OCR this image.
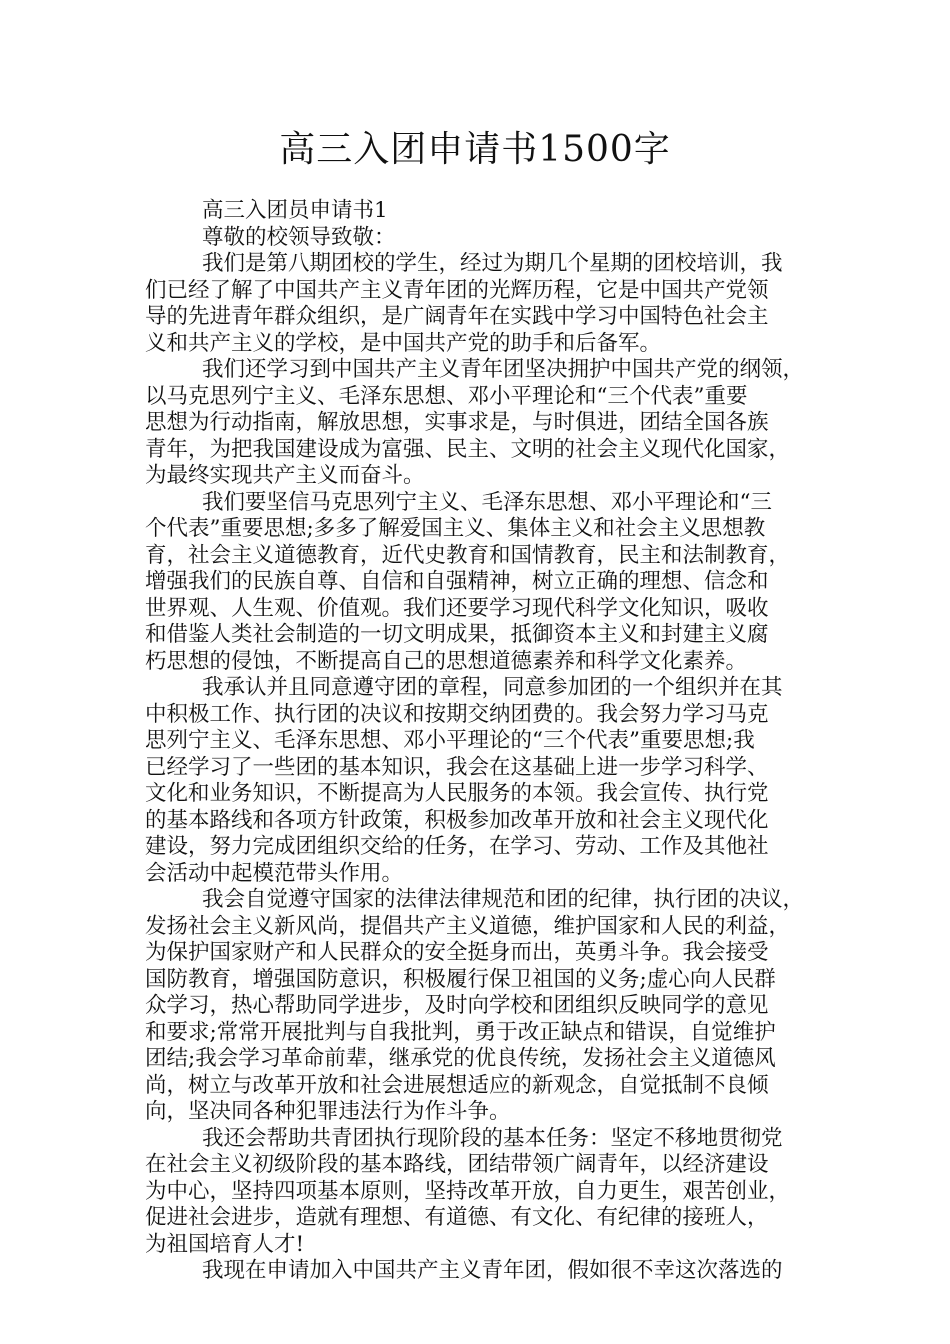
高三入团申请书1500字
高三入团员申请书1
尊敬的校领导致敬：
我们是第八期团校的学生，经过为期几个星期的团校培训，我
们已经了解了中国共产主义青年团的光辉历程，它是中国共产党领
导的先进青年群众组织，是广阔青年在实践中学习中国特色社会主
义和共产主义的学校，是中国共产党的助手和后备军。
我们还学习到中国共产主义青年团坚决拥护中国共产党的纲领，
以马克思列宁主义、毛泽东思想、邓小平理论和“三个代表”重要
思想为行动指南，解放思想，实事求是，与时俱进，团结全国各族
青年，为把我国建设成为富强、民主、文明的社会主义现代化国家，
为最终实现共产主义而奋斗。
我们要坚信马克思列宁主义、毛泽东思想、邓小平理论和“三
个代表”重要思想;多多了解爱国主义、集体主义和社会主义思想教
育，社会主义道德教育，近代史教育和国情教育，民主和法制教育，
增强我们的民族自尊、自信和自强精神，树立正确的理想、信念和
世界观、人生观、价值观。我们还要学习现代科学文化知识，吸收
和借鉴人类社会制造的一切文明成果，抵御资本主义和封建主义腐
朽思想的侵蚀，不断提高自己的思想道德素养和科学文化素养。
我承认并且同意遵守团的章程，同意参加团的一个组织并在其
中积极工作、执行团的决议和按期交纳团费的。我会努力学习马克
思列宁主义、毛泽东思想、邓小平理论的“三个代表”重要思想;我
已经学习了一些团的基本知识，我会在这基础上进一步学习科学、
文化和业务知识，不断提高为人民服务的本领。我会宣传、执行党
的基本路线和各项方针政策，积极参加改革开放和社会主义现代化
建设，努力完成团组织交给的任务，在学习、劳动、工作及其他社
会活动中起模范带头作用。
我会自觉遵守国家的法律法律规范和团的纪律，执行团的决议，
发扬社会主义新风尚，提倡共产主义道德，维护国家和人民的利益，
为保护国家财产和人民群众的安全挺身而出，英勇斗争。我会接受
国防教育，增强国防意识，积极履行保卫祖国的义务;虚心向人民群
众学习，热心帮助同学进步，及时向学校和团组织反映同学的意见
和要求;常常开展批判与自我批判，勇于改正缺点和错误，自觉维护
团结;我会学习革命前辈，继承党的优良传统，发扬社会主义道德风
尚，树立与改革开放和社会进展想适应的新观念，自觉抵制不良倾
向，坚决同各种犯罪违法行为作斗争。
我还会帮助共青团执行现阶段的基本任务：坚定不移地贯彻党
在社会主义初级阶段的基本路线，团结带领广阔青年，以经济建设
为中心，坚持四项基本原则，坚持改革开放，自力更生，艰苦创业，
促进社会进步，造就有理想、有道德、有文化、有纪律的接班人，
为祖国培育人才!
我现在申请加入中国共产主义青年团，假如很不幸这次落选的
